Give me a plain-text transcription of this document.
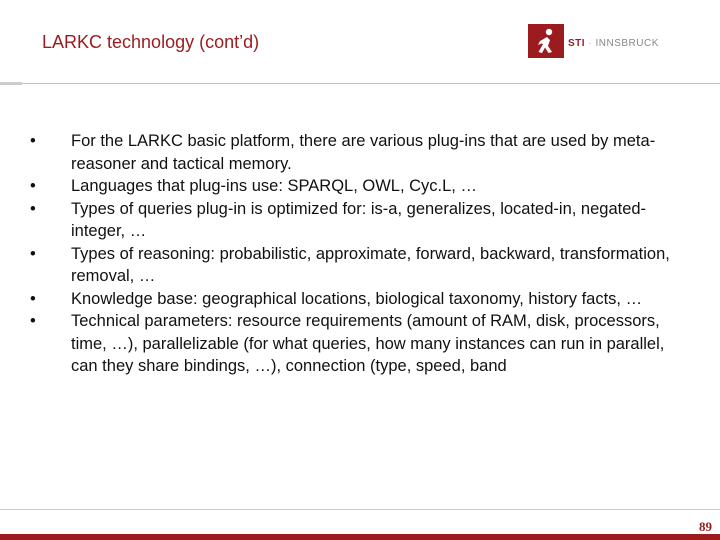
LARKC technology (cont’d)	STI · INNSBRUCK
•	For the LARKC basic platform, there are various plug-ins that are used by meta-reasoner and tactical memory.
•	Languages that plug-ins use: SPARQL, OWL, Cyc.L, …
•	Types of queries plug-in is optimized for: is-a, generalizes, located-in, negated-integer, …
•	Types of reasoning: probabilistic, approximate, forward, backward, transformation, removal, …
•	Knowledge base: geographical locations, biological taxonomy, history facts, …
•	Technical parameters: resource requirements (amount of RAM, disk, processors, time, …), parallelizable (for what queries, how many instances can run in parallel, can they share bindings, …), connection (type, speed, band
89
